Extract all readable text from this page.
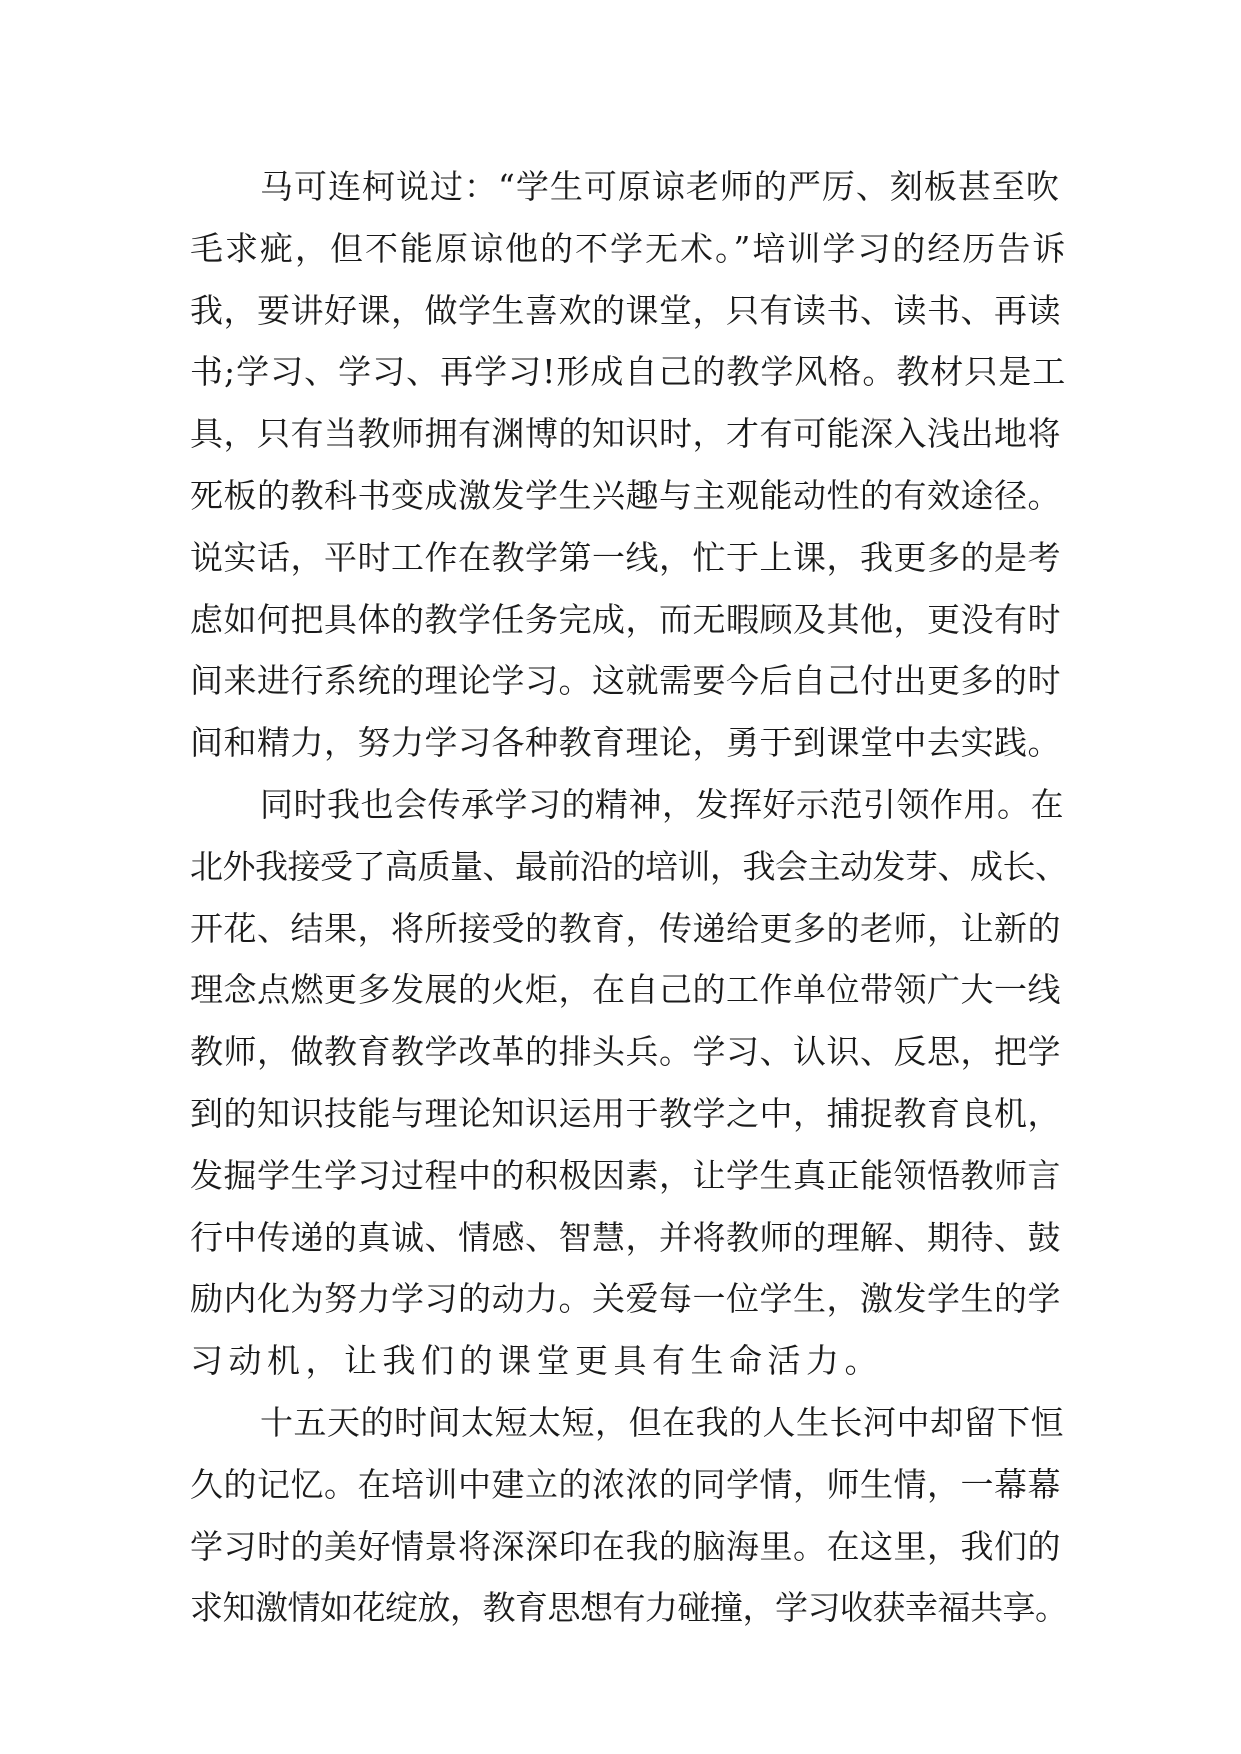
马可连柯说过：“学生可原谅老师的严厉、刻板甚至吹
毛求疵，但不能原谅他的不学无术。”培训学习的经历告诉
我，要讲好课，做学生喜欢的课堂，只有读书、读书、再读
书;学习、学习、再学习!形成自己的教学风格。教材只是工
具，只有当教师拥有渊博的知识时，才有可能深入浅出地将
死板的教科书变成激发学生兴趣与主观能动性的有效途径。
说实话，平时工作在教学第一线，忙于上课，我更多的是考
虑如何把具体的教学任务完成，而无暇顾及其他，更没有时
间来进行系统的理论学习。这就需要今后自己付出更多的时
间和精力，努力学习各种教育理论，勇于到课堂中去实践。
同时我也会传承学习的精神，发挥好示范引领作用。在
北外我接受了高质量、最前沿的培训，我会主动发芽、成长、
开花、结果，将所接受的教育，传递给更多的老师，让新的
理念点燃更多发展的火炬，在自己的工作单位带领广大一线
教师，做教育教学改革的排头兵。学习、认识、反思，把学
到的知识技能与理论知识运用于教学之中，捕捉教育良机，
发掘学生学习过程中的积极因素，让学生真正能领悟教师言
行中传递的真诚、情感、智慧，并将教师的理解、期待、鼓
励内化为努力学习的动力。关爱每一位学生，激发学生的学
习动机，让我们的课堂更具有生命活力。
十五天的时间太短太短，但在我的人生长河中却留下恒
久的记忆。在培训中建立的浓浓的同学情，师生情，一幕幕
学习时的美好情景将深深印在我的脑海里。在这里，我们的
求知激情如花绽放，教育思想有力碰撞，学习收获幸福共享。
